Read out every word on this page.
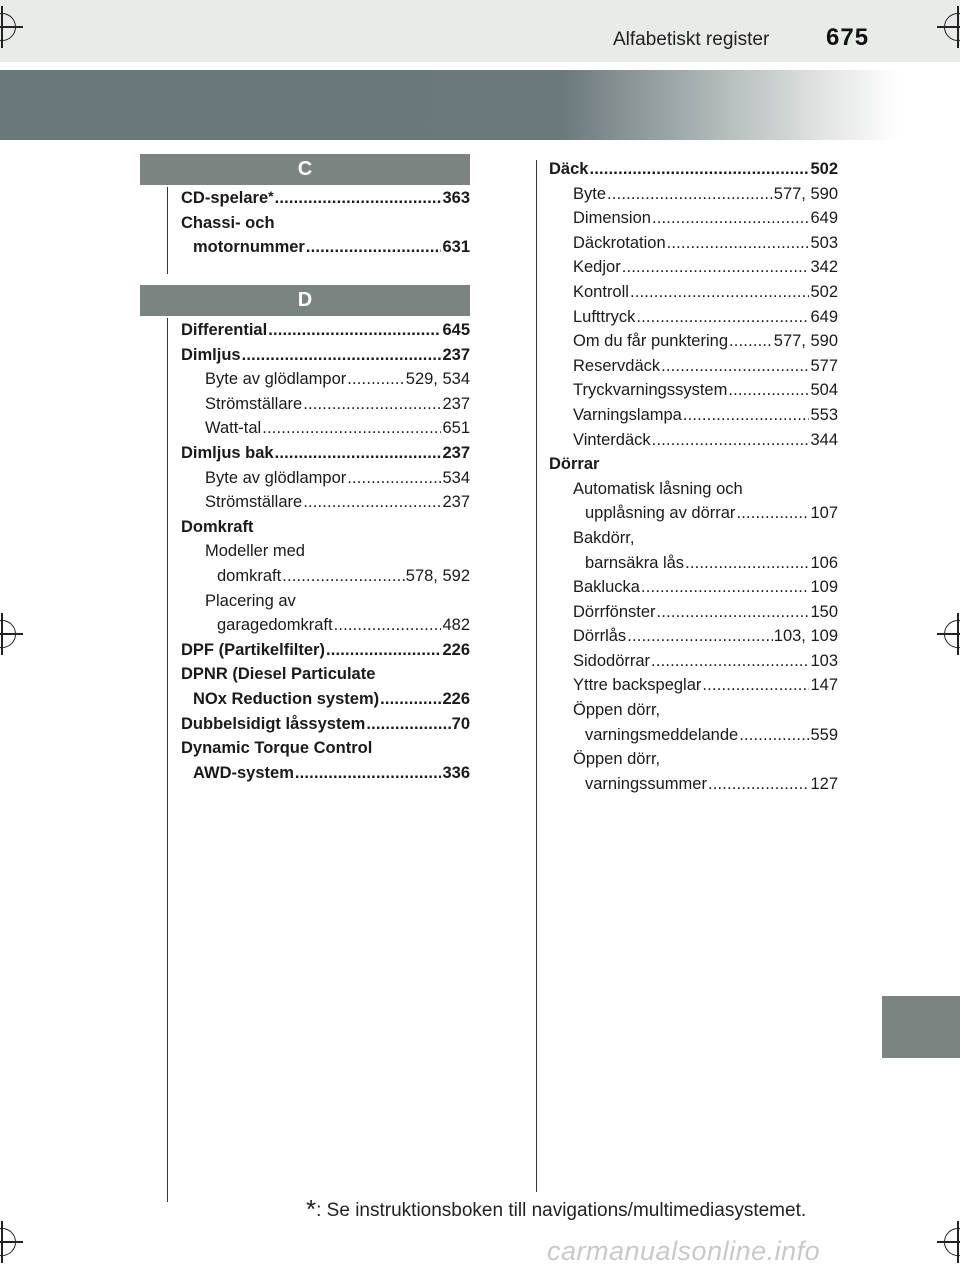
Alfabetiskt register 675
C
CD-spelare* . . .	363
Chassi- och
motornummer . . .	631
D
Differential . . .	645
Dimljus . . .	237
Byte av glödlampor . . .	529, 534
Strömställare . . .	237
Watt-tal . . .	651
Dimljus bak . . .	237
Byte av glödlampor . . .	534
Strömställare . . .	237
Domkraft
Modeller med
domkraft . . .	578, 592
Placering av
garagedomkraft . . .	482
DPF (Partikelfilter) . . .	226
DPNR (Diesel Particulate
NOx Reduction system) . . .	226
Dubbelsidigt låssystem . . .	70
Dynamic Torque Control
AWD-system . . .	336
Däck . . .	502
Byte . . .	577, 590
Dimension . . .	649
Däckrotation . . .	503
Kedjor . . .	342
Kontroll . . .	502
Lufttryck . . .	649
Om du får punktering . . .	577, 590
Reservdäck . . .	577
Tryckvarningssystem . . .	504
Varningslampa . . .	553
Vinterdäck . . .	344
Dörrar
Automatisk låsning och
upplåsning av dörrar . . .	107
Bakdörr,
barnsäkra lås . . .	106
Baklucka . . .	109
Dörrfönster . . .	150
Dörrlås . . .	103, 109
Sidodörrar . . .	103
Yttre backspeglar . . .	147
Öppen dörr,
varningsmeddelande . . .	559
Öppen dörr,
varningssummer . . .	127
*: Se instruktionsboken till navigations/multimediasystemet.
carmanualsonline.info
